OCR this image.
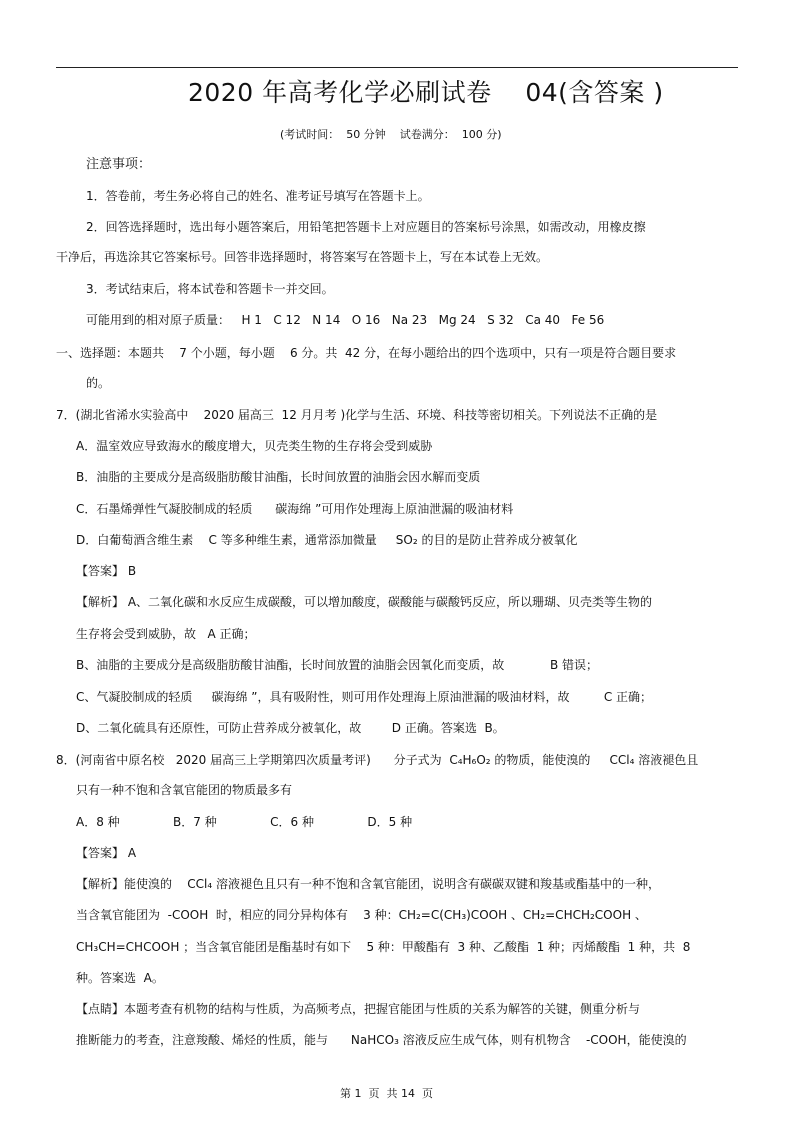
2020 年高考化学必刷试卷    04(含答案 )
(考试时间：  50 分钟    试卷满分：  100 分)
注意事项：
1．答卷前，考生务必将自己的姓名、准考证号填写在答题卡上。
2．回答选择题时，选出每小题答案后，用铅笔把答题卡上对应题目的答案标号涂黑，如需改动，用橡皮擦
干净后，再选涂其它答案标号。回答非选择题时，将答案写在答题卡上，写在本试卷上无效。
3．考试结束后，将本试卷和答题卡一并交回。
可能用到的相对原子质量：   H 1   C 12   N 14   O 16   Na 23   Mg 24   S 32   Ca 40   Fe 56
一、选择题：本题共    7 个小题，每小题    6 分。共  42 分，在每小题给出的四个选项中，只有一项是符合题目要求
的。
7．(湖北省浠水实验高中    2020 届高三  12 月月考 )化学与生活、环境、科技等密切相关。下列说法不正确的是
A．温室效应导致海水的酸度增大，贝壳类生物的生存将会受到威胁
B．油脂的主要成分是高级脂肪酸甘油酯，长时间放置的油脂会因水解而变质
C．石墨烯弹性气凝胶制成的轻质      碳海绵 ”可用作处理海上原油泄漏的吸油材料
D．白葡萄酒含维生素    C 等多种维生素，通常添加微量     SO₂ 的目的是防止营养成分被氧化
【答案】 B
【解析】 A、二氧化碳和水反应生成碳酸，可以增加酸度，碳酸能与碳酸钙反应，所以珊瑚、贝壳类等生物的
生存将会受到威胁，故   A 正确；
B、油脂的主要成分是高级脂肪酸甘油酯，长时间放置的油脂会因氧化而变质，故            B 错误；
C、气凝胶制成的轻质     碳海绵 ”，具有吸附性，则可用作处理海上原油泄漏的吸油材料，故         C 正确；
D、二氧化硫具有还原性，可防止营养成分被氧化，故        D 正确。答案选  B。
8．(河南省中原名校   2020 届高三上学期第四次质量考评)      分子式为  C₄H₆O₂ 的物质，能使溴的     CCl₄ 溶液褪色且
只有一种不饱和含氧官能团的物质最多有
A．8 种              B．7 种              C．6 种              D．5 种
【答案】 A
【解析】能使溴的    CCl₄ 溶液褪色且只有一种不饱和含氧官能团，说明含有碳碳双键和羧基或酯基中的一种，
当含氧官能团为  -COOH  时，相应的同分异构体有    3 种：CH₂=C(CH₃)COOH 、CH₂=CHCH₂COOH 、
CH₃CH=CHCOOH ；当含氧官能团是酯基时有如下    5 种：甲酸酯有  3 种、乙酸酯  1 种；丙烯酸酯  1 种，共  8
种。答案选  A。
【点睛】本题考查有机物的结构与性质，为高频考点，把握官能团与性质的关系为解答的关键，侧重分析与
推断能力的考查，注意羧酸、烯烃的性质，能与      NaHCO₃ 溶液反应生成气体，则有机物含    -COOH，能使溴的
第 1  页  共 14  页
